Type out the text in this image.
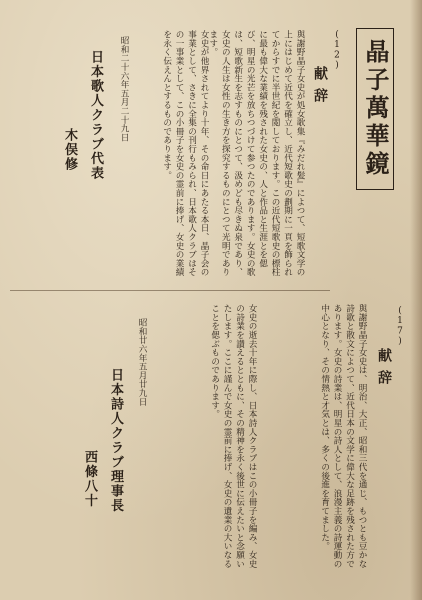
晶子萬華鏡
(12)
献辞
與謝野晶子女史が処女歌集『みだれ髪』によつて、短歌文学の上にはじめて近代を確立し、近代短歌史の劃期に一頁を飾られてからすでに半世紀を閲しております。この近代短歌史の標柱に最も偉大な業績を残された女史の、人と作品と生涯とを偲び、明星の光芒を放ちつづけて参つたのであります。女史の歌は、短歌新生を志すものにとつて、汲めども尽きぬ泉であり、女史の人生は女性の生き方を探究するものにとつて光明であります。
女史が他界されてより十年、その命日にあたる本日、晶子会の事業として、さきに全集の刊行もみられ、日本歌人クラブはその一事業として、この小冊子を女史の霊前に捧げ、女史の業績を永く伝えんとするものであります。
昭和二十六年五月二十九日
日本歌人クラブ代表
木俣修
(17)
献辞
與謝野晶子女史は、明治、大正、昭和三代を通じ、もつとも豆かな詩歌と散文によつて、近代日本の文学に偉大な足跡を残された方であります。女史の詩業は、明星の詩人として、浪漫主義の詩運動の中心となり、その情熱と才気とは、多くの後進を育てました。
女史の逝去十年に際し、日本詩人クラブはこの小冊子を編み、女史の詩業を讃えるとともに、その精神を永く後世に伝えたいと念願いたします。ここに謹んで女史の霊前に捧げ、女史の遺業の大いなることを偲ぶものであります。
昭和廿六年五月廿九日
日本詩人クラブ理事長
西條八十
